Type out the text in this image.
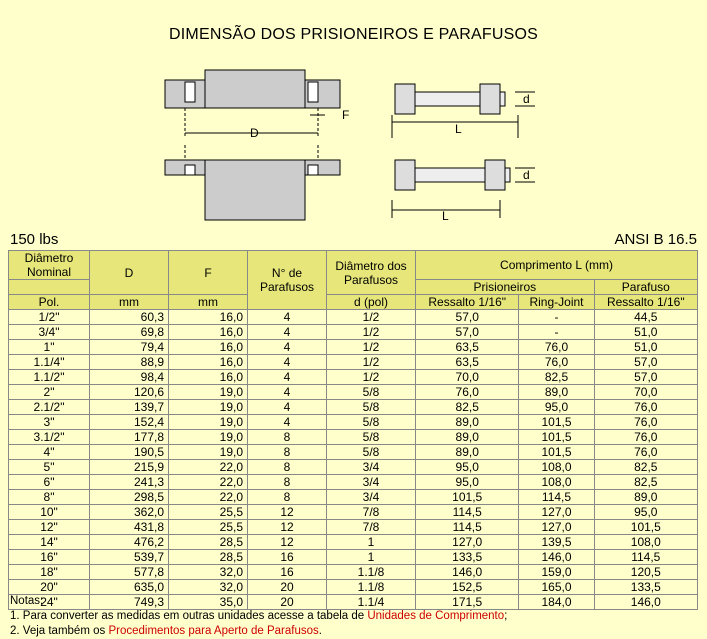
DIMENSÃO DOS PRISIONEIROS E PARAFUSOS
D
F
d
L
d
L
150 lbs	ANSI B 16.5
Diâmetro Nominal	D	F	N° de Parafusos	Diâmetro dos Parafusos	Comprimento L (mm)		
					Prisioneiros		Parafuso
Pol.	mm	mm		d (pol)	Ressalto 1/16"	Ring-Joint	Ressalto 1/16"
1/2"	60,3	16,0	4	1/2	57,0	-	44,5
3/4"	69,8	16,0	4	1/2	57,0	-	51,0
1"	79,4	16,0	4	1/2	63,5	76,0	51,0
1.1/4"	88,9	16,0	4	1/2	63,5	76,0	57,0
1.1/2"	98,4	16,0	4	1/2	70,0	82,5	57,0
2"	120,6	19,0	4	5/8	76,0	89,0	70,0
2.1/2"	139,7	19,0	4	5/8	82,5	95,0	76,0
3"	152,4	19,0	4	5/8	89,0	101,5	76,0
3.1/2"	177,8	19,0	8	5/8	89,0	101,5	76,0
4"	190,5	19,0	8	5/8	89,0	101,5	76,0
5"	215,9	22,0	8	3/4	95,0	108,0	82,5
6"	241,3	22,0	8	3/4	95,0	108,0	82,5
8"	298,5	22,0	8	3/4	101,5	114,5	89,0
10"	362,0	25,5	12	7/8	114,5	127,0	95,0
12"	431,8	25,5	12	7/8	114,5	127,0	101,5
14"	476,2	28,5	12	1	127,0	139,5	108,0
16"	539,7	28,5	16	1	133,5	146,0	114,5
18"	577,8	32,0	16	1.1/8	146,0	159,0	120,5
20"	635,0	32,0	20	1.1/8	152,5	165,0	133,5
24"	749,3	35,0	20	1.1/4	171,5	184,0	146,0
Notas:
1. Para converter as medidas em outras unidades acesse a tabela de Unidades de Comprimento;
2. Veja também os Procedimentos para Aperto de Parafusos.
